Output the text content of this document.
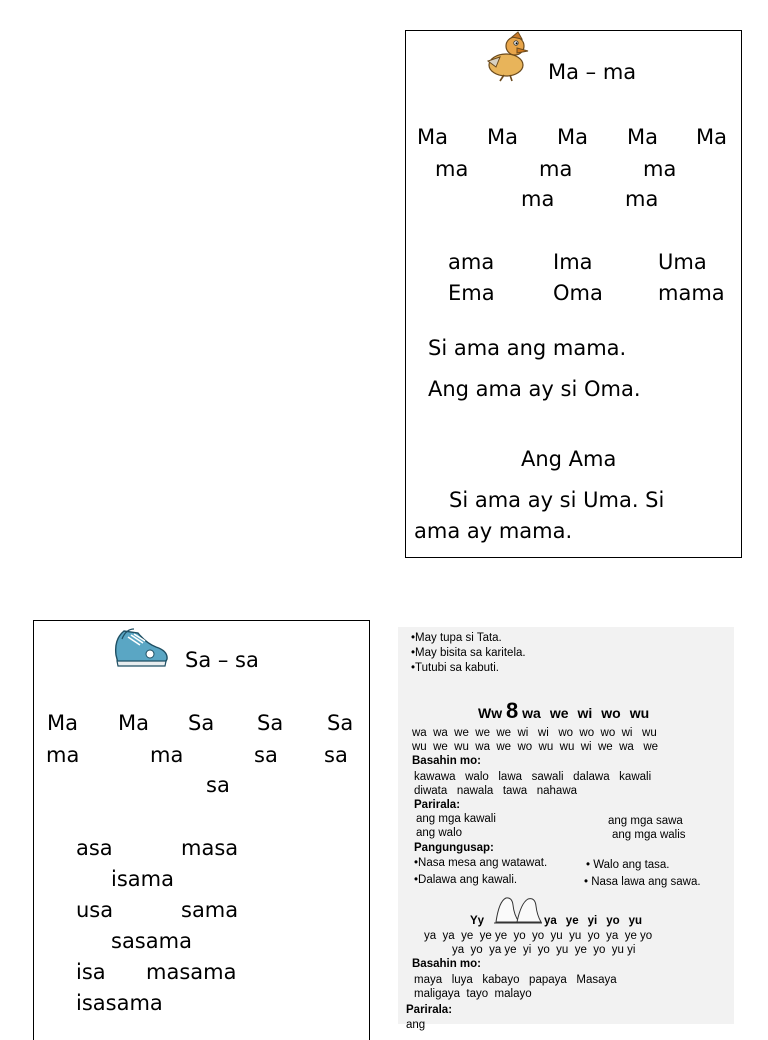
Ma – ma
Ma Ma Ma Ma Ma
ma	ma	ma
ma	ma
ama	Ima	Uma
Ema	Oma	mama
Si ama ang mama.
Ang ama ay si Oma.
Ang Ama
Si ama ay si Uma. Si
ama ay mama.
Sa – sa
Ma Ma Sa Sa Sa
ma	ma	sa sa
sa
asa	masa
isama
usa	sama
sasama
isa masama
isasama
•May tupa si Tata.
•May bisita sa karitela.
•Tutubi sa kabuti.
Ww 8 wa we wi wo wu
wa  wa  we  we  we  wi   wi   wo  wo  wo  wi   wu
wu  we  wu  wa  we  wo  wu  wu  wi  we  wa   we
Basahin mo:
kawawa   walo   lawa   sawali   dalawa   kawali
diwata   nawala   tawa   nahawa
Parirala:
ang mga kawali	ang mga sawa
ang walo	ang mga walis
Pangungusap:
•Nasa mesa ang watawat.	• Walo ang tasa.
•Dalawa ang kawali.	• Nasa lawa ang sawa.
Yy	ya ye yi yo yu
ya  ya  ye  ye ye  yo  yo  yu  yu  yo  ya  ye yo
ya  yo  ya ye  yi  yo  yu  ye  yo  yu yi
Basahin mo:
maya   luya   kabayo   papaya   Masaya
maligaya  tayo  malayo
Parirala:
ang
